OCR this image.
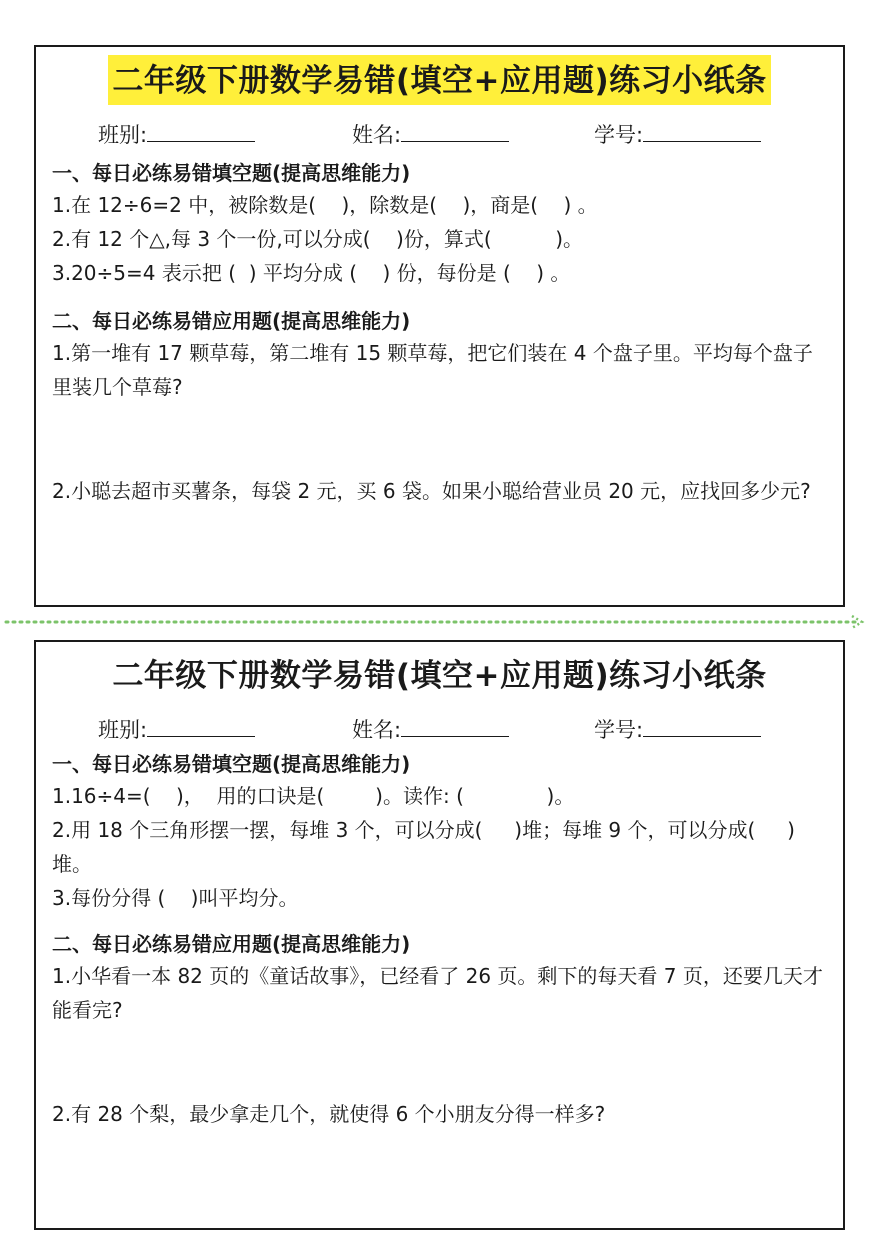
二年级下册数学易错(填空+应用题)练习小纸条
班别:	姓名:	学号:
一、每日必练易错填空题(提高思维能力)
1.在 12÷6=2 中，被除数是(    )，除数是(    )，商是(    ) 。
2.有 12 个△,每 3 个一份,可以分成(    )份，算式(          )。
3.20÷5=4 表示把 (  ) 平均分成 (    ) 份，每份是 (    ) 。
二、每日必练易错应用题(提高思维能力)
1.第一堆有 17 颗草莓，第二堆有 15 颗草莓，把它们装在 4 个盘子里。平均每个盘子里装几个草莓?
2.小聪去超市买薯条，每袋 2 元，买 6 袋。如果小聪给营业员 20 元，应找回多少元?
二年级下册数学易错(填空+应用题)练习小纸条
班别:	姓名:	学号:
一、每日必练易错填空题(提高思维能力)
1.16÷4=(    )，  用的口诀是(        )。读作: (             )。
2.用 18 个三角形摆一摆，每堆 3 个，可以分成(     )堆；每堆 9 个，可以分成(     )堆。
3.每份分得 (    )叫平均分。
二、每日必练易错应用题(提高思维能力)
1.小华看一本 82 页的《童话故事》，已经看了 26 页。剩下的每天看 7 页，还要几天才能看完?
2.有 28 个梨，最少拿走几个，就使得 6 个小朋友分得一样多?
